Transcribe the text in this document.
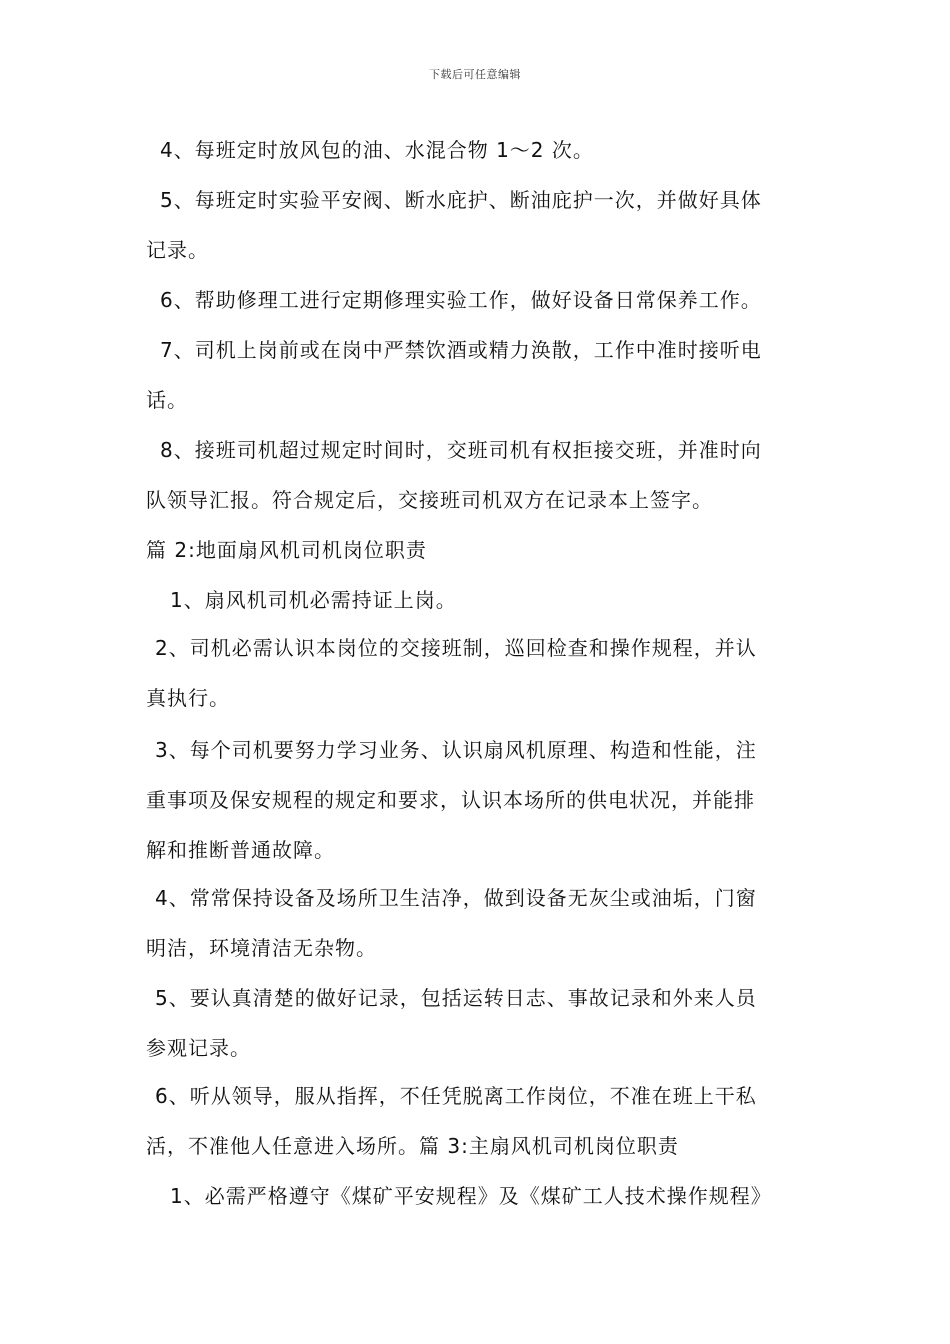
下载后可任意编辑
4、每班定时放风包的油、水混合物 1～2 次。
5、每班定时实验平安阀、断水庇护、断油庇护一次，并做好具体
记录。
6、帮助修理工进行定期修理实验工作，做好设备日常保养工作。
7、司机上岗前或在岗中严禁饮酒或精力涣散，工作中准时接听电
话。
8、接班司机超过规定时间时，交班司机有权拒接交班，并准时向
队领导汇报。符合规定后，交接班司机双方在记录本上签字。
篇 2:地面扇风机司机岗位职责
1、扇风机司机必需持证上岗。
2、司机必需认识本岗位的交接班制，巡回检查和操作规程，并认
真执行。
3、每个司机要努力学习业务、认识扇风机原理、构造和性能，注
重事项及保安规程的规定和要求，认识本场所的供电状况，并能排
解和推断普通故障。
4、常常保持设备及场所卫生洁净，做到设备无灰尘或油垢，门窗
明洁，环境清洁无杂物。
5、要认真清楚的做好记录，包括运转日志、事故记录和外来人员
参观记录。
6、听从领导，服从指挥，不任凭脱离工作岗位，不准在班上干私
活，不准他人任意进入场所。篇 3:主扇风机司机岗位职责
1、必需严格遵守《煤矿平安规程》及《煤矿工人技术操作规程》
